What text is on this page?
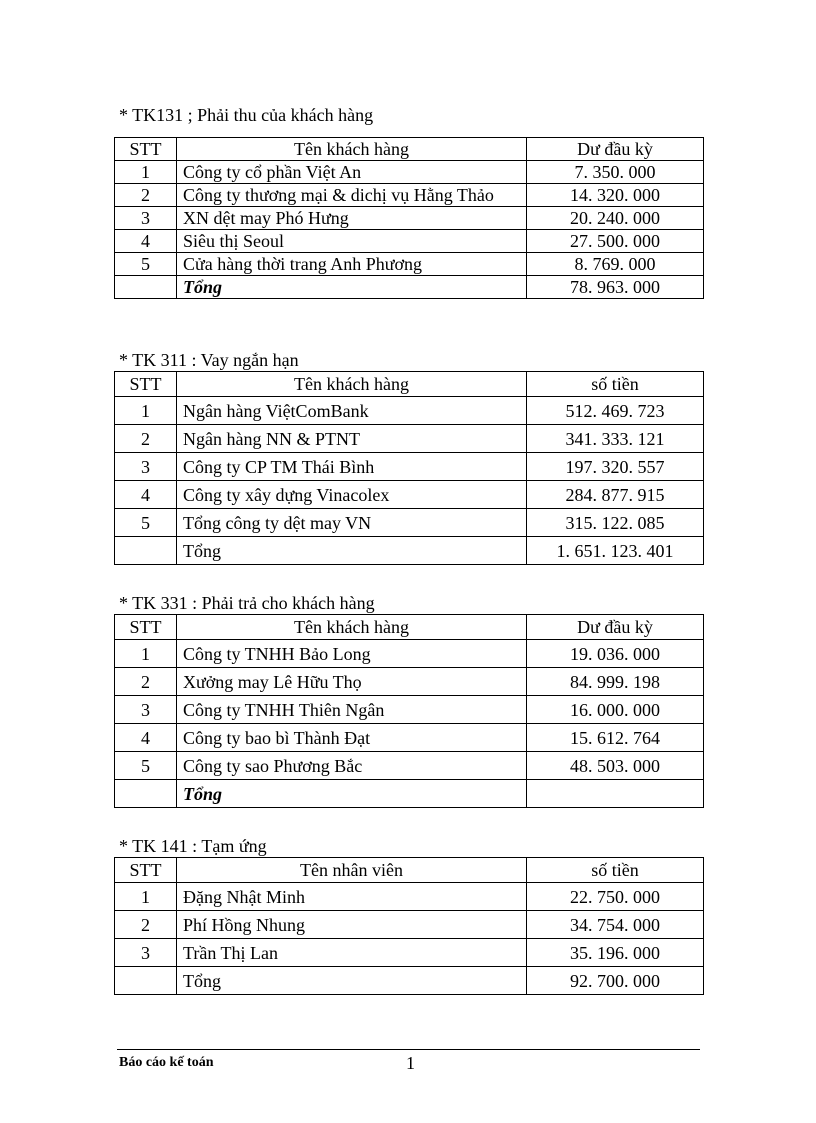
* TK131 ; Phải thu của khách hàng
STT	Tên khách hàng	Dư đầu kỳ
1	Công ty cổ phần Việt An	7. 350. 000
2	Công ty thương mại & dichị vụ Hằng Thảo	14. 320. 000
3	XN dệt may Phó Hưng	20. 240. 000
4	Siêu thị Seoul	27. 500. 000
5	Cửa hàng thời trang Anh Phương	8. 769. 000
	Tổng	78. 963. 000
* TK 311 : Vay ngắn hạn
STT	Tên khách hàng	số tiền
1	Ngân hàng ViệtComBank	512. 469. 723
2	Ngân hàng NN & PTNT	341. 333. 121
3	Công ty CP TM Thái Bình	197. 320. 557
4	Công ty xây dựng Vinacolex	284. 877. 915
5	Tổng công ty dệt may VN	315. 122. 085
	Tổng	1. 651. 123. 401
* TK 331 : Phải trả cho khách hàng
STT	Tên khách hàng	Dư đầu kỳ
1	Công ty TNHH Bảo Long	19. 036. 000
2	Xưởng may Lê Hữu Thọ	84. 999. 198
3	Công ty TNHH Thiên Ngân	16. 000. 000
4	Công ty bao bì Thành Đạt	15. 612. 764
5	Công ty sao Phương Bắc	48. 503. 000
	Tổng	
* TK 141 : Tạm ứng
STT	Tên nhân viên	số tiền
1	Đặng Nhật Minh	22. 750. 000
2	Phí Hồng Nhung	34. 754. 000
3	Trần Thị Lan	35. 196. 000
	Tổng	92. 700. 000
Báo cáo kế toán	1
